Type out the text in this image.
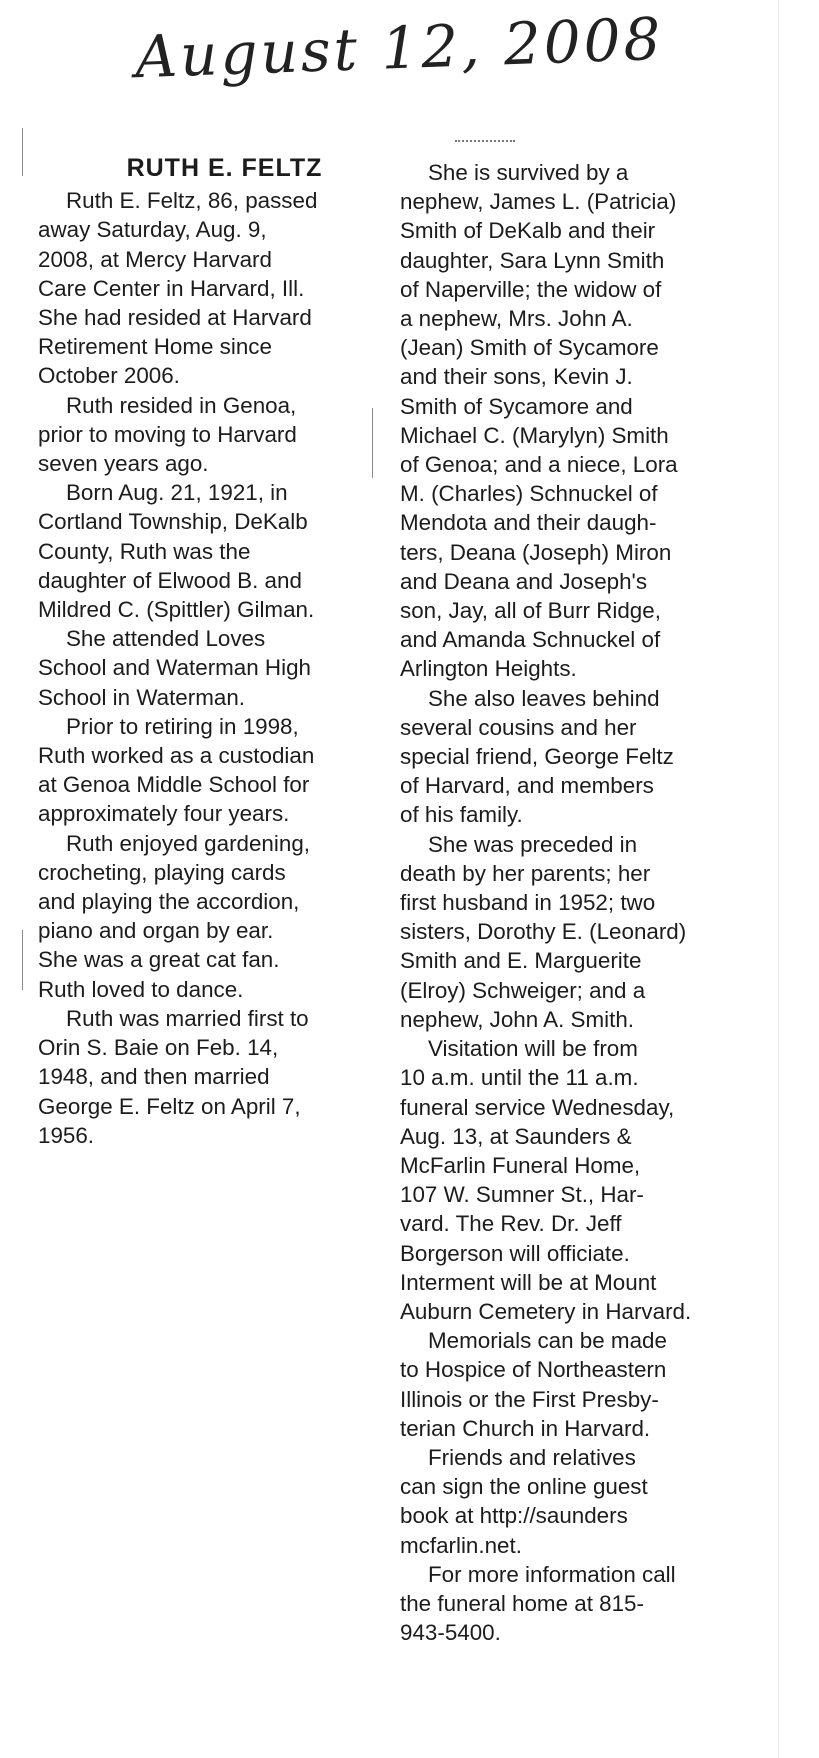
August 12, 2008
RUTH E. FELTZ

Ruth E. Feltz, 86, passed
away Saturday, Aug. 9,
2008, at Mercy Harvard
Care Center in Harvard, Ill.
She had resided at Harvard
Retirement Home since
October 2006.

Ruth resided in Genoa,
prior to moving to Harvard
seven years ago.

Born Aug. 21, 1921, in
Cortland Township, DeKalb
County, Ruth was the
daughter of Elwood B. and
Mildred C. (Spittler) Gilman.

She attended Loves
School and Waterman High
School in Waterman.

Prior to retiring in 1998,
Ruth worked as a custodian
at Genoa Middle School for
approximately four years.

Ruth enjoyed gardening,
crocheting, playing cards
and playing the accordion,
piano and organ by ear.
She was a great cat fan.
Ruth loved to dance.

Ruth was married first to
Orin S. Baie on Feb. 14,
1948, and then married
George E. Feltz on April 7,
1956.

She is survived by a
nephew, James L. (Patricia)
Smith of DeKalb and their
daughter, Sara Lynn Smith
of Naperville; the widow of
a nephew, Mrs. John A.
(Jean) Smith of Sycamore
and their sons, Kevin J.
Smith of Sycamore and
Michael C. (Marylyn) Smith
of Genoa; and a niece, Lora
M. (Charles) Schnuckel of
Mendota and their daugh-
ters, Deana (Joseph) Miron
and Deana and Joseph's
son, Jay, all of Burr Ridge,
and Amanda Schnuckel of
Arlington Heights.

She also leaves behind
several cousins and her
special friend, George Feltz
of Harvard, and members
of his family.

She was preceded in
death by her parents; her
first husband in 1952; two
sisters, Dorothy E. (Leonard)
Smith and E. Marguerite
(Elroy) Schweiger; and a
nephew, John A. Smith.

Visitation will be from
10 a.m. until the 11 a.m.
funeral service Wednesday,
Aug. 13, at Saunders &
McFarlin Funeral Home,
107 W. Sumner St., Har-
vard. The Rev. Dr. Jeff
Borgerson will officiate.
Interment will be at Mount
Auburn Cemetery in Harvard.

Memorials can be made
to Hospice of Northeastern
Illinois or the First Presby-
terian Church in Harvard.

Friends and relatives
can sign the online guest
book at http://saunders
mcfarlin.net.

For more information call
the funeral home at 815-
943-5400.
